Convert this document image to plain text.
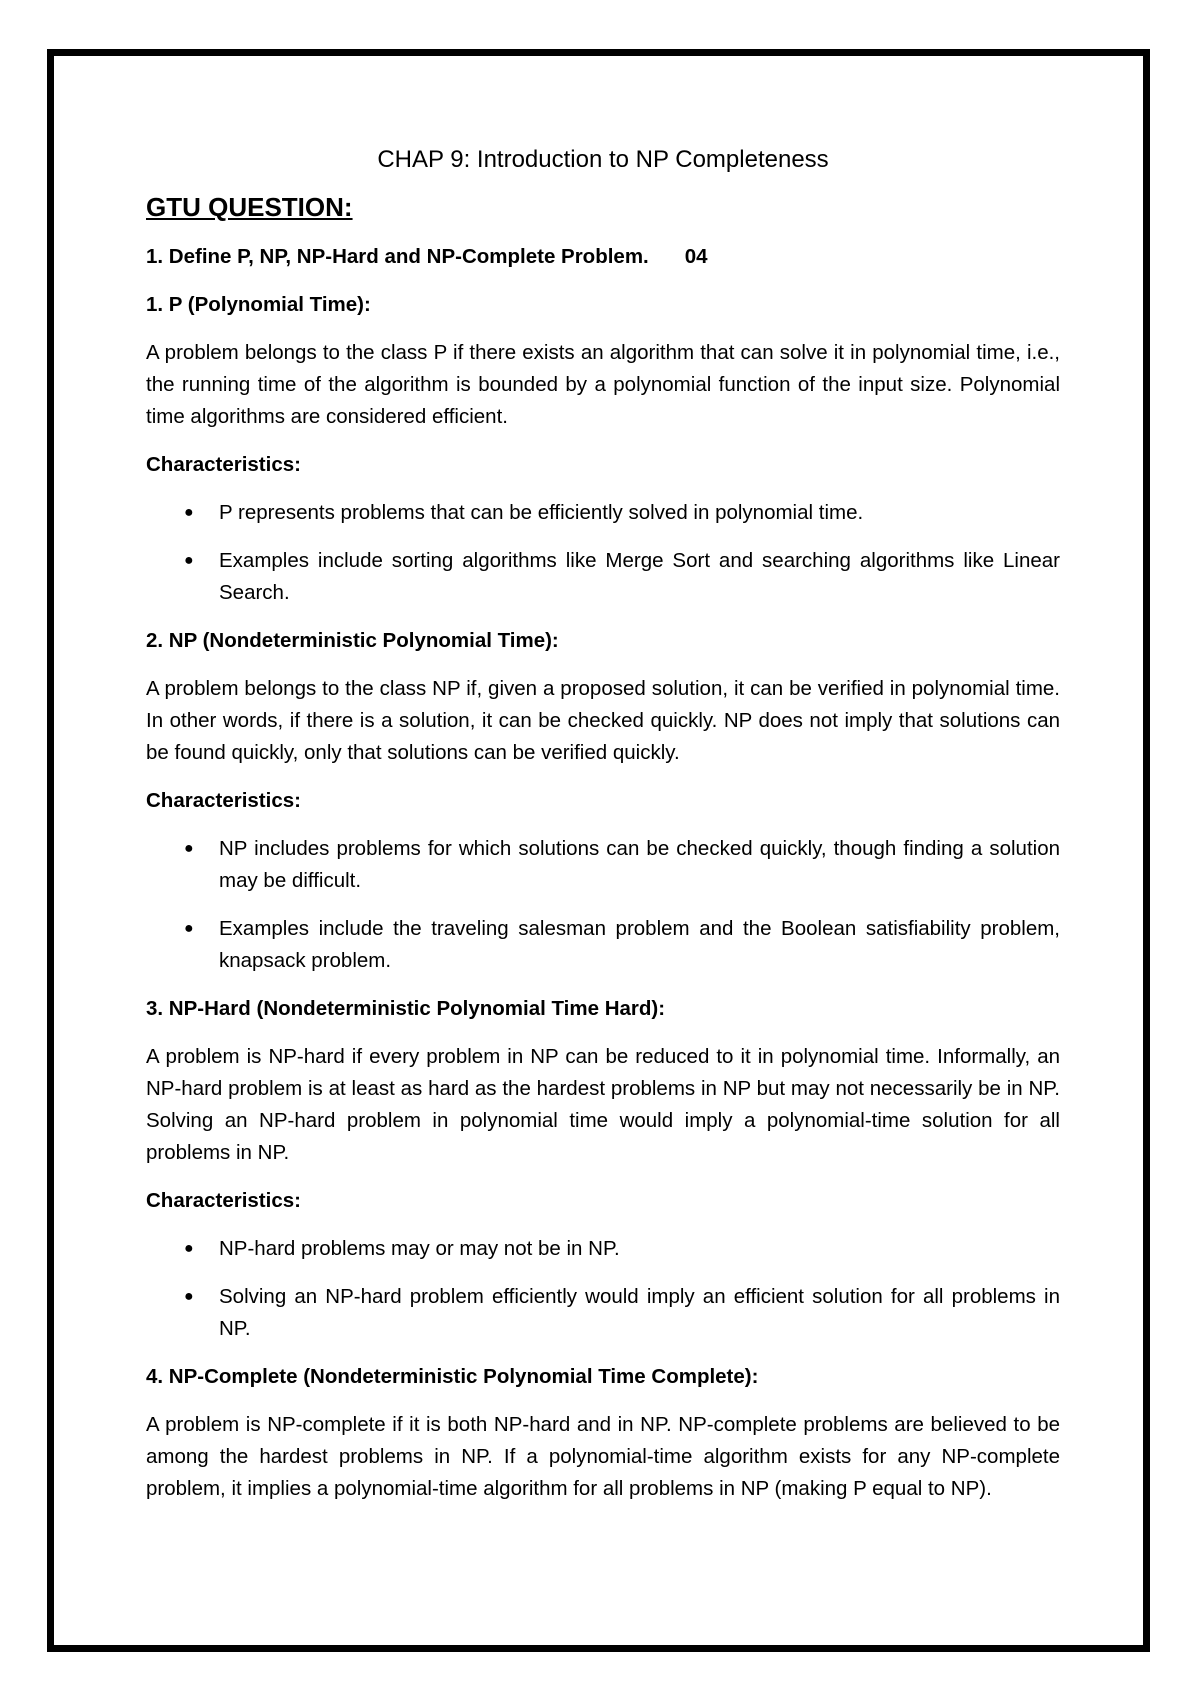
CHAP 9: Introduction to NP Completeness
GTU QUESTION:
1. Define P, NP, NP-Hard and NP-Complete Problem. 04
1. P (Polynomial Time):
A problem belongs to the class P if there exists an algorithm that can solve it in polynomial time, i.e., the running time of the algorithm is bounded by a polynomial function of the input size. Polynomial time algorithms are considered efficient.
Characteristics:
● P represents problems that can be efficiently solved in polynomial time.
● Examples include sorting algorithms like Merge Sort and searching algorithms like Linear Search.
2. NP (Nondeterministic Polynomial Time):
A problem belongs to the class NP if, given a proposed solution, it can be verified in polynomial time. In other words, if there is a solution, it can be checked quickly. NP does not imply that solutions can be found quickly, only that solutions can be verified quickly.
Characteristics:
● NP includes problems for which solutions can be checked quickly, though finding a solution may be difficult.
● Examples include the traveling salesman problem and the Boolean satisfiability problem, knapsack problem.
3. NP-Hard (Nondeterministic Polynomial Time Hard):
A problem is NP-hard if every problem in NP can be reduced to it in polynomial time. Informally, an NP-hard problem is at least as hard as the hardest problems in NP but may not necessarily be in NP. Solving an NP-hard problem in polynomial time would imply a polynomial-time solution for all problems in NP.
Characteristics:
● NP-hard problems may or may not be in NP.
● Solving an NP-hard problem efficiently would imply an efficient solution for all problems in NP.
4. NP-Complete (Nondeterministic Polynomial Time Complete):
A problem is NP-complete if it is both NP-hard and in NP. NP-complete problems are believed to be among the hardest problems in NP. If a polynomial-time algorithm exists for any NP-complete problem, it implies a polynomial-time algorithm for all problems in NP (making P equal to NP).
